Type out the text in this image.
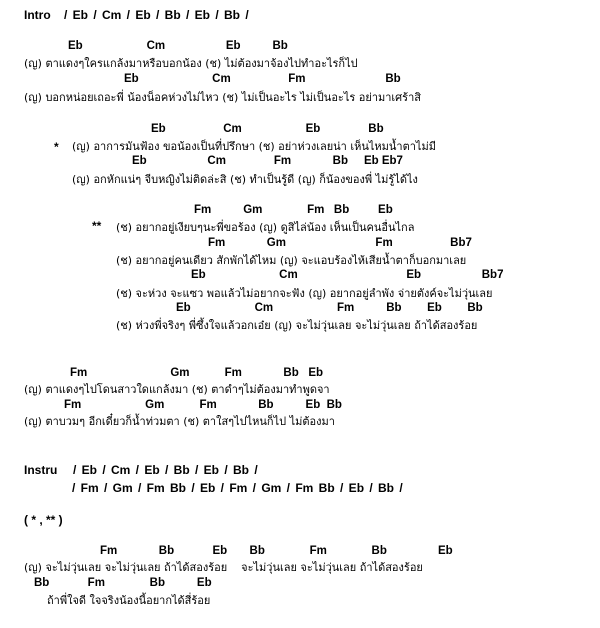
Intro / Eb / Cm / Eb / Bb / Eb / Bb /
Eb                    Cm                   Eb          Bb
(ญ) ตาแดงๆใครแกล้งมาหรือบอกน้อง (ช) ไม่ต้องมาจ้องไปทำอะไรก็ไป
Eb                       Cm                  Fm                         Bb
(ญ) บอกหน่อยเถอะพี่ น้องน็อคห่วงไม่ไหว (ช) ไม่เป็นอะไร ไม่เป็นอะไร อย่ามาเศร้าสิ
Eb                  Cm                    Eb               Bb
* (ญ) อาการมันฟ้อง ขอน้องเป็นที่ปรึกษา (ช) อย่าห่วงเลยน่า เห็นไหมน้ำตาไม่มี
Eb                   Cm               Fm             Bb     Eb Eb7
(ญ) อกหักแน่ๆ จีบหญิงไม่ติดล่ะสิ (ช) ทำเป็นรู้ดี (ญ) ก็น้องของพี่ ไม่รู้ได้ไง
Fm          Gm              Fm   Bb         Eb
** (ช) อยากอยู่เงียบๆนะพี่ขอร้อง (ญ) ดูสิไล่น้อง เห็นเป็นคนอื่นไกล
Fm             Gm                            Fm                  Bb7
(ช) อยากอยู่คนเดียว สักพักได้ไหม (ญ) จะแอบร้องไห้เสียน้ำตาก็บอกมาเลย
Eb                       Cm                                  Eb                   Bb7
(ช) จะห่วง จะแซว พอแล้วไม่อยากจะฟัง (ญ) อยากอยู่ลำพัง จ่ายตังค์จะไม่วุ่นเลย
Eb                    Cm                    Fm          Bb        Eb        Bb
(ช) ห่วงพี่จริงๆ พี่ซึ้งใจแล้วอกเอ๋ย (ญ) จะไม่วุ่นเลย จะไม่วุ่นเลย ถ้าได้สองร้อย
Fm                          Gm           Fm             Bb   Eb
(ญ) ตาแดงๆไปโดนสาวใดแกล้งมา (ช) ตาดำๆไม่ต้องมาทำพูดจา
Fm                    Gm           Fm             Bb          Eb  Bb
(ญ) ตาบวมๆ อีกเดี๋ยวก็น้ำท่วมตา (ช) ตาใสๆไปไหนก็ไป ไม่ต้องมา
Instru / Eb / Cm / Eb / Bb / Eb / Bb /
/ Fm / Gm / Fm Bb / Eb / Fm / Gm / Fm Bb / Eb / Bb /
( * , ** )
Fm             Bb            Eb       Bb              Fm              Bb                Eb
(ญ) จะไม่วุ่นเลย จะไม่วุ่นเลย ถ้าได้สองร้อย    จะไม่วุ่นเลย จะไม่วุ่นเลย ถ้าได้สองร้อย
Bb            Fm              Bb          Eb
ถ้าพี่ใจดี ใจจริงน้องนี้อยากได้สี่ร้อย
